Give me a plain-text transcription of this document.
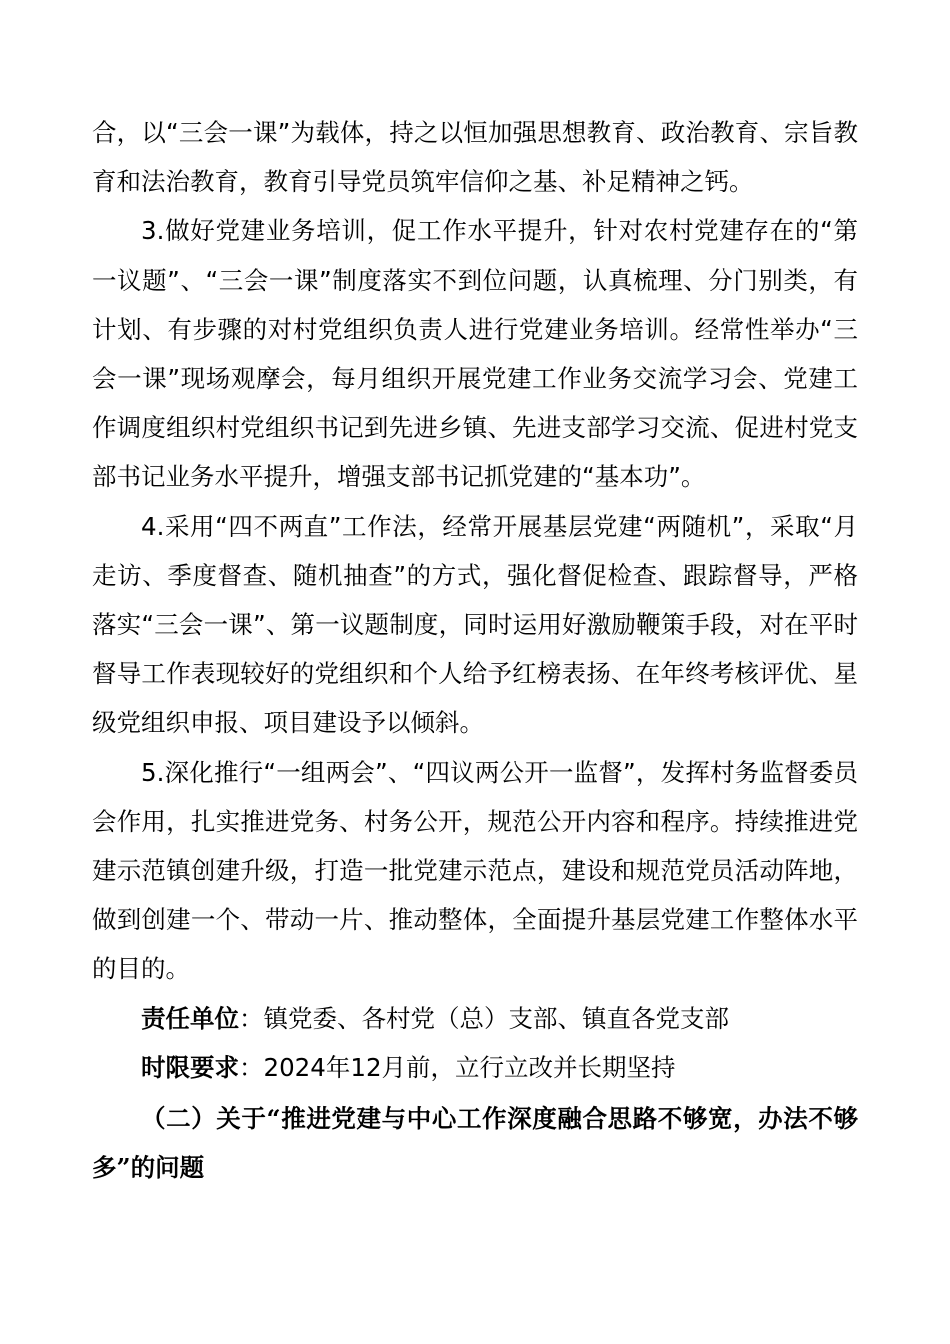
合，以“三会一课”为载体，持之以恒加强思想教育、政治教育、宗旨教育和法治教育，教育引导党员筑牢信仰之基、补足精神之钙。

3.做好党建业务培训，促工作水平提升，针对农村党建存在的“第一议题”、“三会一课”制度落实不到位问题，认真梳理、分门别类，有计划、有步骤的对村党组织负责人进行党建业务培训。经常性举办“三会一课”现场观摩会，每月组织开展党建工作业务交流学习会、党建工作调度组织村党组织书记到先进乡镇、先进支部学习交流、促进村党支部书记业务水平提升，增强支部书记抓党建的“基本功”。

4.采用“四不两直”工作法，经常开展基层党建“两随机”，采取“月走访、季度督查、随机抽查”的方式，强化督促检查、跟踪督导，严格落实“三会一课”、第一议题制度，同时运用好激励鞭策手段，对在平时督导工作表现较好的党组织和个人给予红榜表扬、在年终考核评优、星级党组织申报、项目建设予以倾斜。

5.深化推行“一组两会”、“四议两公开一监督”，发挥村务监督委员会作用，扎实推进党务、村务公开，规范公开内容和程序。持续推进党建示范镇创建升级，打造一批党建示范点，建设和规范党员活动阵地，做到创建一个、带动一片、推动整体，全面提升基层党建工作整体水平的目的。

责任单位：镇党委、各村党（总）支部、镇直各党支部

时限要求：2024年12月前，立行立改并长期坚持

（二）关于“推进党建与中心工作深度融合思路不够宽，办法不够多”的问题
